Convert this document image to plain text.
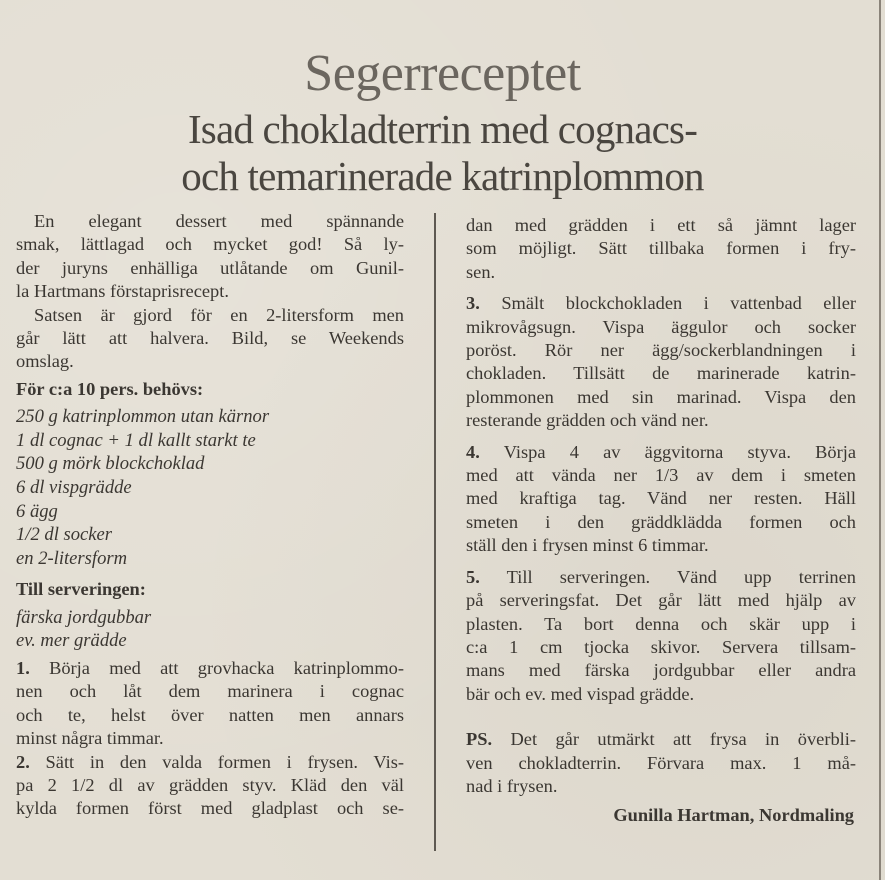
Segerreceptet
Isad chokladterrin med cognacs-
och temarinerade katrinplommon
En elegant dessert med spännande
smak, lättlagad och mycket god! Så ly-
der juryns enhälliga utlåtande om Gunil-
la Hartmans förstaprisrecept.
Satsen är gjord för en 2-litersform men
går lätt att halvera. Bild, se Weekends
omslag.
För c:a 10 pers. behövs:
250 g katrinplommon utan kärnor
1 dl cognac + 1 dl kallt starkt te
500 g mörk blockchoklad
6 dl vispgrädde
6 ägg
1/2 dl socker
en 2-litersform
Till serveringen:
färska jordgubbar
ev. mer grädde
1. Börja med att grovhacka katrinplommo-
nen och låt dem marinera i cognac
och te, helst över natten men annars
minst några timmar.
2. Sätt in den valda formen i frysen. Vis-
pa 2 1/2 dl av grädden styv. Kläd den väl
kylda formen först med gladplast och se-
dan med grädden i ett så jämnt lager
som möjligt. Sätt tillbaka formen i fry-
sen.
3. Smält blockchokladen i vattenbad eller
mikrovågsugn. Vispa äggulor och socker
poröst. Rör ner ägg/sockerblandningen i
chokladen. Tillsätt de marinerade katrin-
plommonen med sin marinad. Vispa den
resterande grädden och vänd ner.
4. Vispa 4 av äggvitorna styva. Börja
med att vända ner 1/3 av dem i smeten
med kraftiga tag. Vänd ner resten. Häll
smeten i den gräddklädda formen och
ställ den i frysen minst 6 timmar.
5. Till serveringen. Vänd upp terrinen
på serveringsfat. Det går lätt med hjälp av
plasten. Ta bort denna och skär upp i
c:a 1 cm tjocka skivor. Servera tillsam-
mans med färska jordgubbar eller andra
bär och ev. med vispad grädde.
PS. Det går utmärkt att frysa in överbli-
ven chokladterrin. Förvara max. 1 må-
nad i frysen.
Gunilla Hartman, Nordmaling
